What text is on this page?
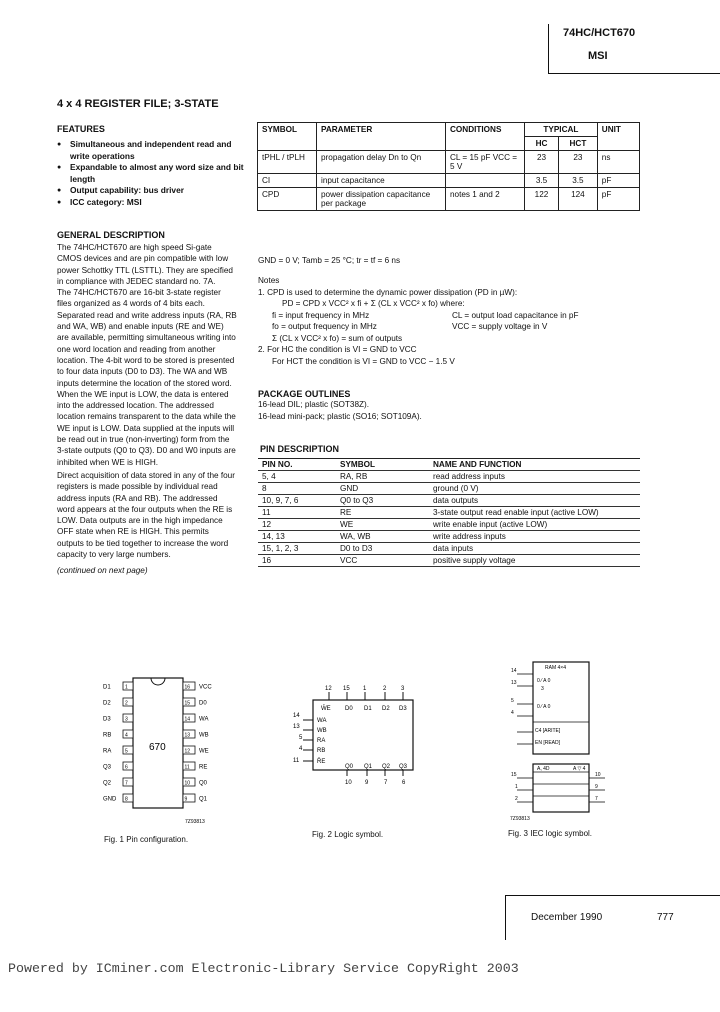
74HC/HCT670
MSI
4 x 4 REGISTER FILE; 3-STATE
FEATURES
● Simultaneous and independent read and write operations
● Expandable to almost any word size and bit length
● Output capability: bus driver
● ICC category: MSI
GENERAL DESCRIPTION
The 74HC/HCT670 are high speed Si-gate CMOS devices and are pin compatible with low power Schottky TTL (LSTTL). They are specified in compliance with JEDEC standard no. 7A.
The 74HC/HCT670 are 16-bit 3-state register files organized as 4 words of 4 bits each. Separated read and write address inputs (RA, RB and WA, WB) and enable inputs (RE and WE) are available, permitting simultaneous writing into one word location and reading from another location. The 4-bit word to be stored is presented to four data inputs (D0 to D3). The WA and WB inputs determine the location of the stored word. When the WE input is LOW, the data is entered into the addressed location. The addressed location remains transparent to the data while the WE input is LOW. Data supplied at the inputs will be read out in true (non-inverting) form from the 3-state outputs (Q0 to Q3). D0 and W0 inputs are inhibited when WE is HIGH.
Direct acquisition of data stored in any of the four registers is made possible by individual read address inputs (RA and RB). The addressed word appears at the four outputs when the RE is LOW. Data outputs are in the high impedance OFF state when RE is HIGH. This permits outputs to be tied together to increase the word capacity to very large numbers.
(continued on next page)
SYMBOL	PARAMETER	CONDITIONS	TYPICAL		UNIT
			HC	HCT	
tPHL / tPLH	propagation delay Dn to Qn	CL = 15 pF VCC = 5 V	23	23	ns
CI	input capacitance		3.5	3.5	pF
CPD	power dissipation capacitance per package	notes 1 and 2	122	124	pF
GND = 0 V; Tamb = 25 °C; tr = tf = 6 ns
Notes
1. CPD is used to determine the dynamic power dissipation (PD in µW):
PD = CPD x VCC² x fi + Σ (CL x VCC² x fo) where:
fi = input frequency in MHz
fo = output frequency in MHz
Σ (CL x VCC² x fo) = sum of outputs
CL = output load capacitance in pF
VCC = supply voltage in V
2. For HC the condition is VI = GND to VCC
For HCT the condition is VI = GND to VCC − 1.5 V
PACKAGE OUTLINES
16-lead DIL; plastic (SOT38Z).
16-lead mini-pack; plastic (SO16; SOT109A).
PIN DESCRIPTION
PIN NO.	SYMBOL	NAME AND FUNCTION
5, 4	RA, RB	read address inputs
8	GND	ground (0 V)
10, 9, 7, 6	Q0 to Q3	data outputs
11	RE	3-state output read enable input (active LOW)
12	WE	write enable input (active LOW)
14, 13	WA, WB	write address inputs
15, 1, 2, 3	D0 to D3	data inputs
16	VCC	positive supply voltage
670
1
D1
2
D2
3
D3
4
RB
5
RA
6
Q3
7
Q2
8
GND
16 VCC
15 D0
14 WA
13 WB
12 WE
11 RE
10 Q0
9 Q1
7Z93813
Fig. 1 Pin configuration.
W̄E D0 D1 D2 D3
WA
WB
RA
RB
R̄E
Q0 Q1 Q2 Q3
12 15 1	2 3
14
13
5
4
11
10 9	7 6
Fig. 2 Logic symbol.
RAM 4×4
14
13	0 ⁄ A 0
3
5
4
0 ⁄ A 0
C4 [ARITE]
EN [READ]
A, 4D	A ▽ 4
15
1
2
10
9
7
7Z93813
Fig. 3 IEC logic symbol.
December 1990	777
Powered by ICminer.com Electronic-Library Service CopyRight 2003
